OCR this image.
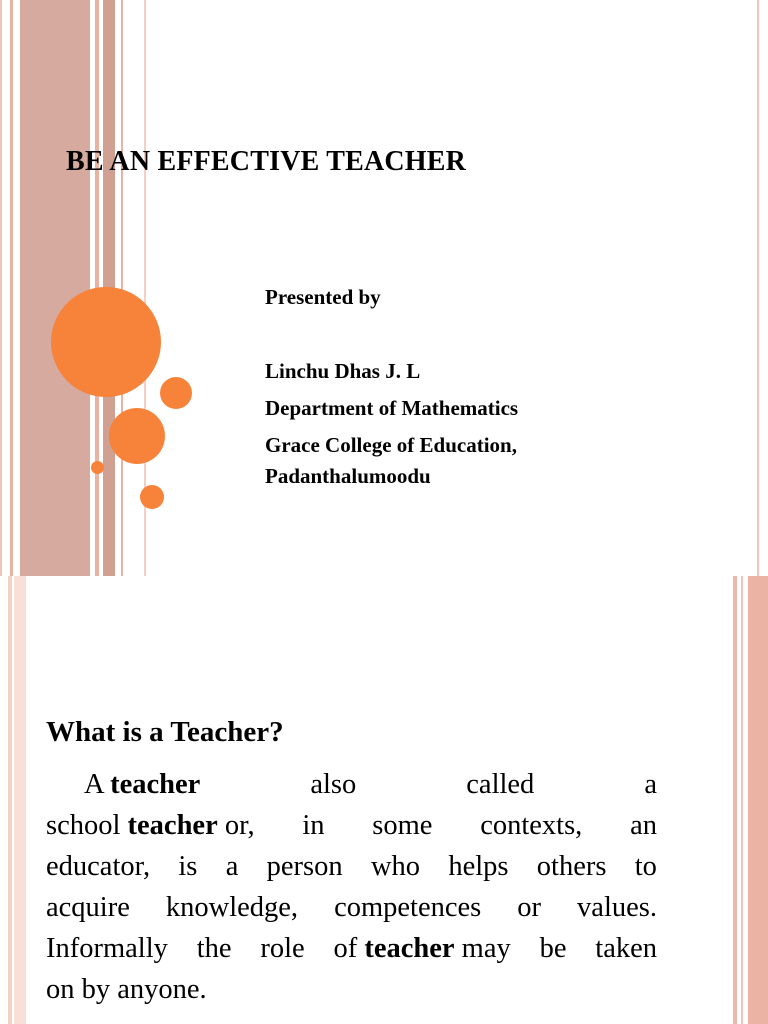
BE AN EFFECTIVE TEACHER
Presented by
Linchu Dhas J. L
Department of Mathematics
Grace College of Education,
Padanthalumoodu
What is a Teacher?
A teacher	also	called	a
school teacher or, in some contexts, an
educator, is a person who helps others to
acquire knowledge, competences or values.
Informally the role of teacher may be taken
on by anyone.
